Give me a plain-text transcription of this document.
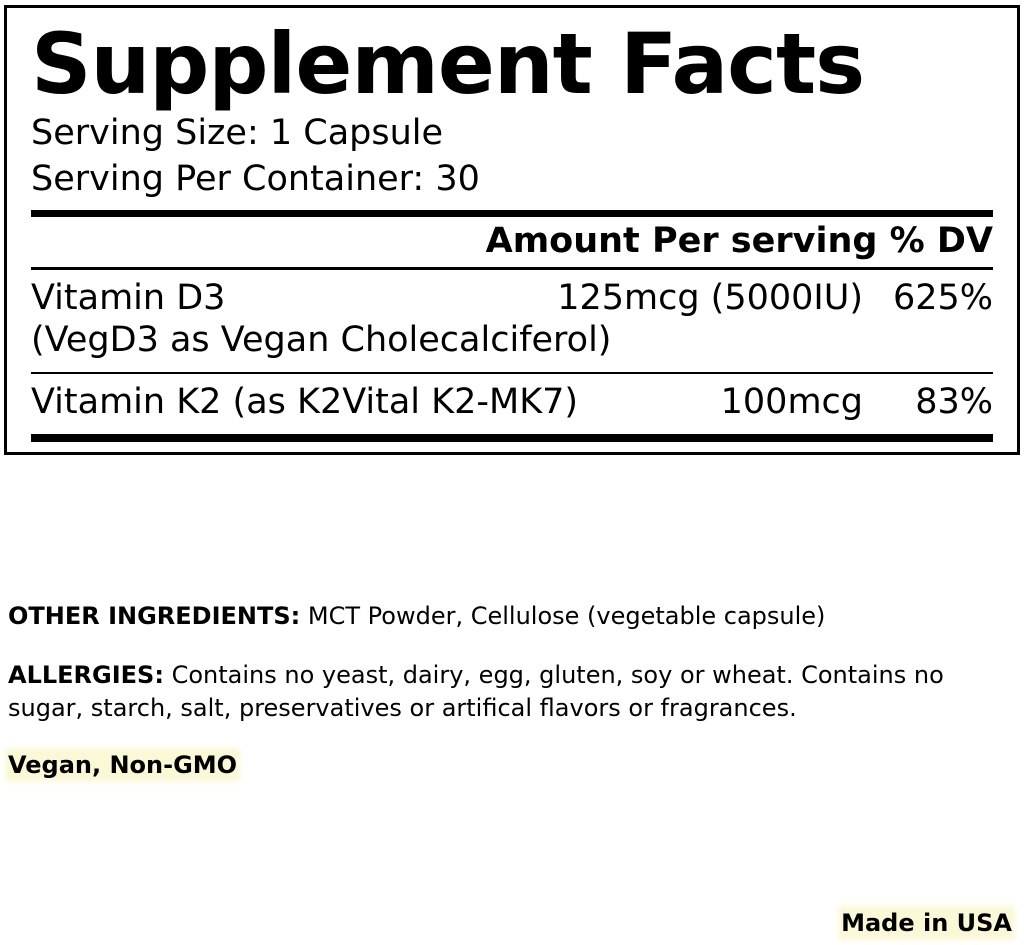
Supplement Facts
Serving Size: 1 Capsule
Serving Per Container: 30
Amount Per serving % DV
Vitamin D3	125mcg (5000IU) 625%
(VegD3 as Vegan Cholecalciferol)
Vitamin K2 (as K2Vital K2-MK7)	100mcg	83%

OTHER INGREDIENTS: MCT Powder, Cellulose (vegetable capsule)

ALLERGIES: Contains no yeast, dairy, egg, gluten, soy or wheat. Contains no sugar, starch, salt, preservatives or artifical flavors or fragrances.

Vegan, Non-GMO

Made in USA
